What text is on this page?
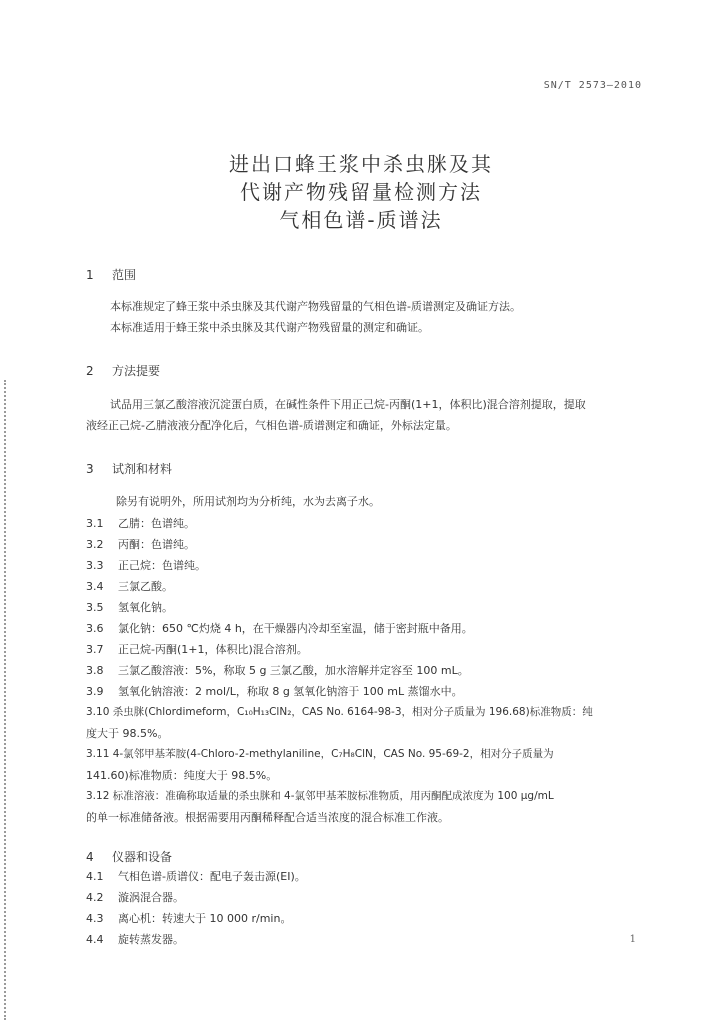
SN/T 2573—2010
进出口蜂王浆中杀虫脒及其
代谢产物残留量检测方法
气相色谱-质谱法
1 范围
本标准规定了蜂王浆中杀虫脒及其代谢产物残留量的气相色谱-质谱测定及确证方法。
本标准适用于蜂王浆中杀虫脒及其代谢产物残留量的测定和确证。
2 方法提要
试品用三氯乙酸溶液沉淀蛋白质，在碱性条件下用正己烷-丙酮(1+1，体积比)混合溶剂提取，提取
液经正己烷-乙腈液液分配净化后，气相色谱-质谱测定和确证，外标法定量。
3 试剂和材料
除另有说明外，所用试剂均为分析纯，水为去离子水。
3.1 乙腈：色谱纯。
3.2 丙酮：色谱纯。
3.3 正己烷：色谱纯。
3.4 三氯乙酸。
3.5 氢氧化钠。
3.6 氯化钠：650 ℃灼烧 4 h，在干燥器内冷却至室温，储于密封瓶中备用。
3.7 正己烷-丙酮(1+1，体积比)混合溶剂。
3.8 三氯乙酸溶液：5%，称取 5 g 三氯乙酸，加水溶解并定容至 100 mL。
3.9 氢氧化钠溶液：2 mol/L，称取 8 g 氢氧化钠溶于 100 mL 蒸馏水中。
3.10 杀虫脒(Chlordimeform，C₁₀H₁₃ClN₂，CAS No. 6164-98-3，相对分子质量为 196.68)标准物质：纯
度大于 98.5%。
3.11 4-氯邻甲基苯胺(4-Chloro-2-methylaniline，C₇H₈ClN，CAS No. 95-69-2，相对分子质量为
141.60)标准物质：纯度大于 98.5%。
3.12 标准溶液：准确称取适量的杀虫脒和 4-氯邻甲基苯胺标准物质，用丙酮配成浓度为 100 μg/mL
的单一标准储备液。根据需要用丙酮稀释配合适当浓度的混合标准工作液。
4 仪器和设备
4.1 气相色谱-质谱仪：配电子轰击源(EI)。
4.2 漩涡混合器。
4.3 离心机：转速大于 10 000 r/min。
4.4 旋转蒸发器。	1
